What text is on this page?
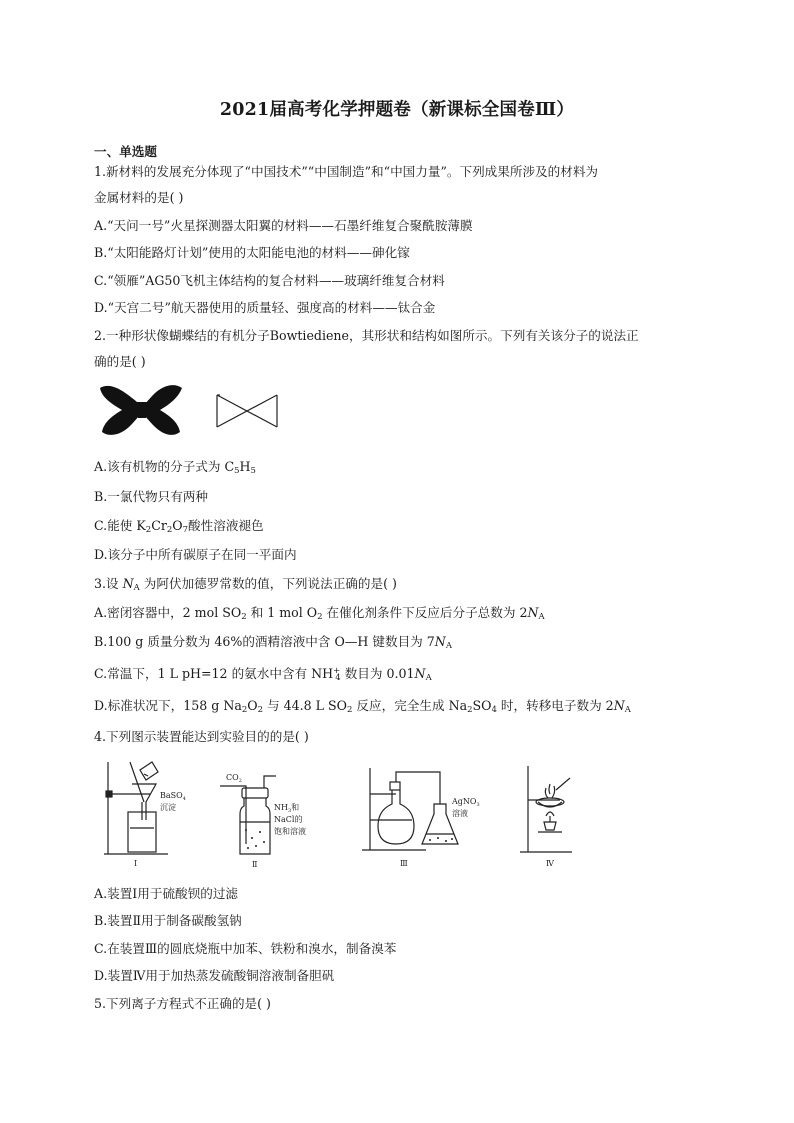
2021届高考化学押题卷（新课标全国卷Ⅲ）
一、单选题
1.新材料的发展充分体现了“中国技术”“中国制造”和“中国力量”。下列成果所涉及的材料为
金属材料的是( )
A.“天问一号”火星探测器太阳翼的材料——石墨纤维复合聚酰胺薄膜
B.“太阳能路灯计划”使用的太阳能电池的材料——砷化镓
C.“领雁”AG50飞机主体结构的复合材料——玻璃纤维复合材料
D.“天宫二号”航天器使用的质量轻、强度高的材料——钛合金
2.一种形状像蝴蝶结的有机分子Bowtiediene，其形状和结构如图所示。下列有关该分子的说法正
确的是( )
A.该有机物的分子式为 $C_5H_5$
B.一氯代物只有两种
C.能使 $K_2Cr_2O_7$酸性溶液褪色
D.该分子中所有碳原子在同一平面内
3.设 $N_A$ 为阿伏加德罗常数的值，下列说法正确的是( )
A.密闭容器中，2 mol $SO_2$ 和 1 mol $O_2$ 在催化剂条件下反应后分子总数为 $2N_A$
B.100 g 质量分数为 46%的酒精溶液中含 O—H 键数目为 $7N_A$
C.常温下，1 L pH=12 的氨水中含有 $NH^+_4$ 数目为 $0.01N_A$
D.标准状况下，158 g $Na_2O_2$ 与 44.8 L $SO_2$ 反应，完全生成 $Na_2SO_4$ 时，转移电子数为 $2N_A$
4.下列图示装置能达到实验目的的是( )
BaSO$_4$
沉淀
Ⅰ
$CO_2$
$NH_3$和
NaCl的
饱和溶液
Ⅱ
AgNO$_3$
溶液
Ⅲ	Ⅳ
A.装置Ⅰ用于硫酸钡的过滤
B.装置Ⅱ用于制备碳酸氢钠
C.在装置Ⅲ的圆底烧瓶中加苯、铁粉和溴水，制备溴苯
D.装置Ⅳ用于加热蒸发硫酸铜溶液制备胆矾
5.下列离子方程式不正确的是( )
